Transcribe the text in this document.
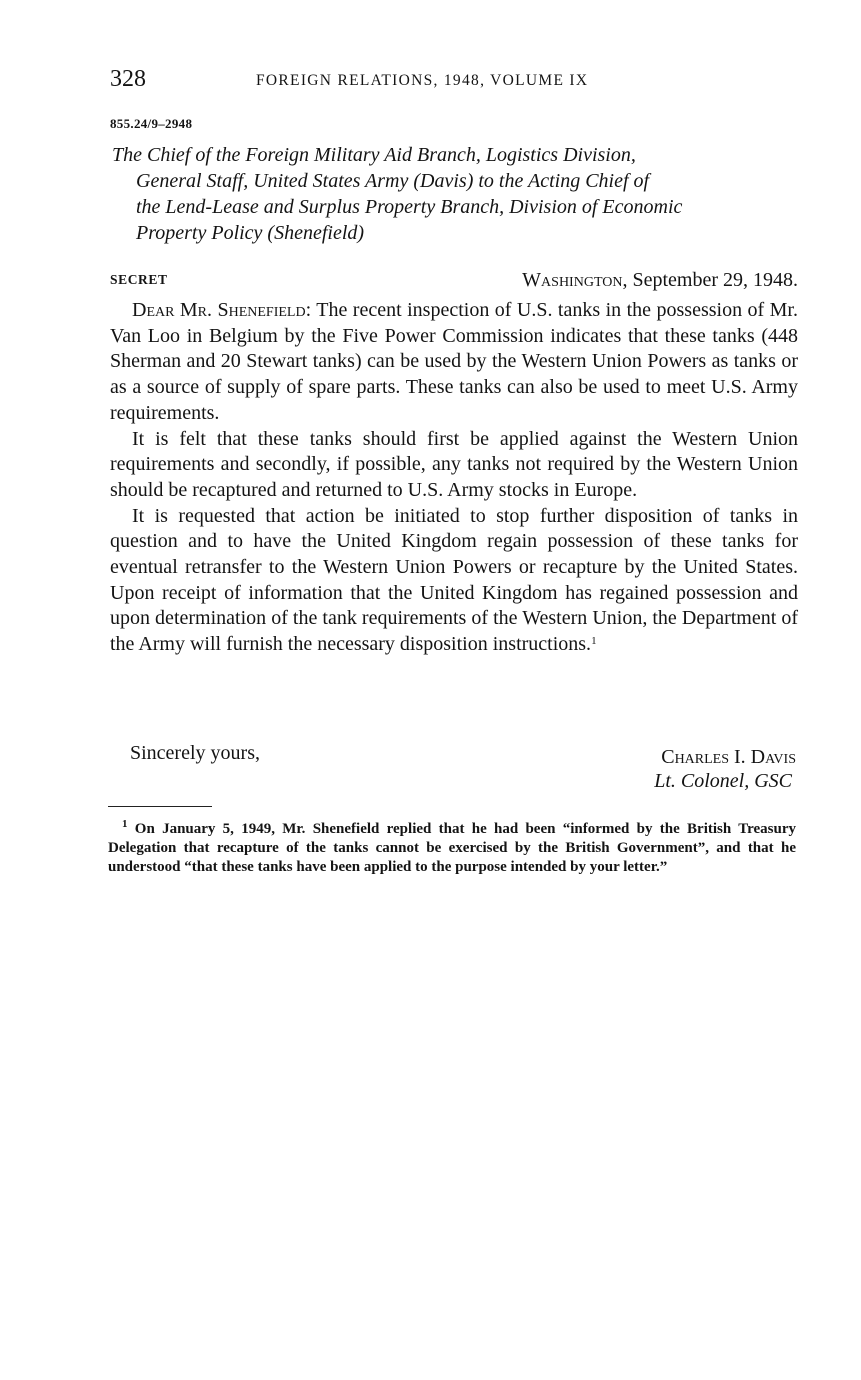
328	FOREIGN RELATIONS, 1948, VOLUME IX
855.24/9–2948
The Chief of the Foreign Military Aid Branch, Logistics Division,
General Staff, United States Army (Davis) to the Acting Chief of
the Lend-Lease and Surplus Property Branch, Division of Economic
Property Policy (Shenefield)
SECRET	Washington, September 29, 1948.

Dear Mr. Shenefield: The recent inspection of U.S. tanks in the possession of Mr. Van Loo in Belgium by the Five Power Commission indicates that these tanks (448 Sherman and 20 Stewart tanks) can be used by the Western Union Powers as tanks or as a source of supply of spare parts. These tanks can also be used to meet U.S. Army requirements.

It is felt that these tanks should first be applied against the Western Union requirements and secondly, if possible, any tanks not required by the Western Union should be recaptured and returned to U.S. Army stocks in Europe.

It is requested that action be initiated to stop further disposition of tanks in question and to have the United Kingdom regain possession of these tanks for eventual retransfer to the Western Union Powers or recapture by the United States. Upon receipt of information that the United Kingdom has regained possession and upon determination of the tank requirements of the Western Union, the Department of the Army will furnish the necessary disposition instructions.$^1$

Sincerely yours,	Charles I. Davis
Lt. Colonel, GSC

$^1$ On January 5, 1949, Mr. Shenefield replied that he had been “informed by the British Treasury Delegation that recapture of the tanks cannot be exercised by the British Government”, and that he understood “that these tanks have been applied to the purpose intended by your letter.”
